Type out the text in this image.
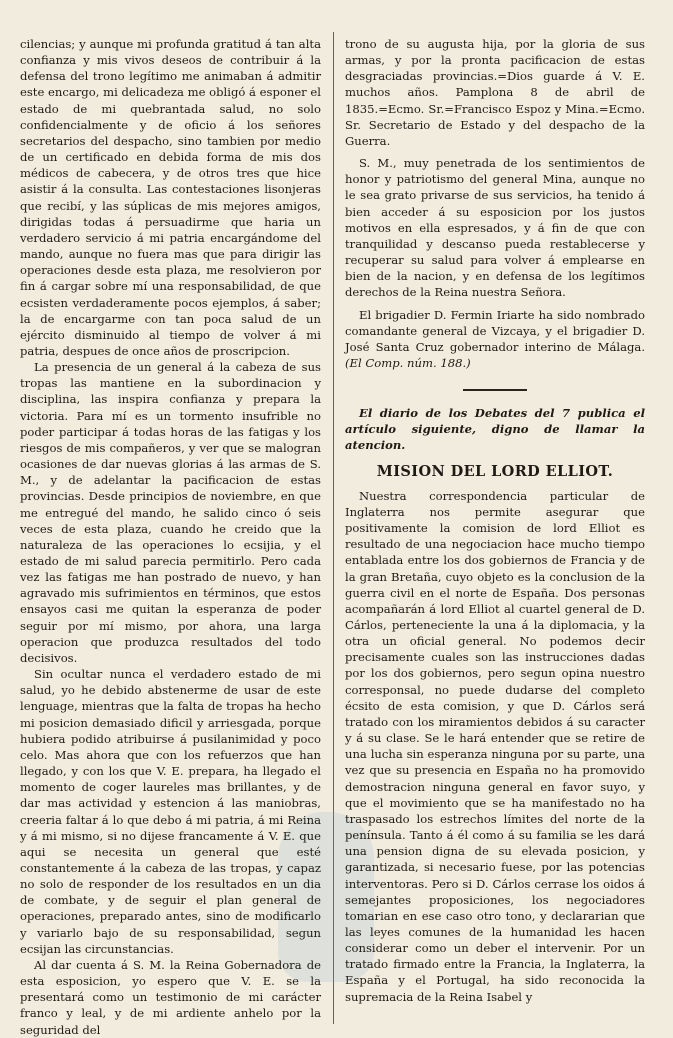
cilencias; y aunque mi profunda gratitud á tan alta confianza y mis vivos deseos de contribuir á la defensa del trono legítimo me animaban á admitir este encargo, mi delicadeza me obligó á esponer el estado de mi quebrantada salud, no solo confidencialmente y de oficio á los señores secretarios del despacho, sino tambien por medio de un certificado en debida forma de mis dos médicos de cabecera, y de otros tres que hice asistir á la consulta. Las contestaciones lisonjeras que recibí, y las súplicas de mis mejores amigos, dirigidas todas á persuadirme que haria un verdadero servicio á mi patria encargándome del mando, aunque no fuera mas que para dirigir las operaciones desde esta plaza, me resolvieron por fin á cargar sobre mí una responsabilidad, de que ecsisten verdaderamente pocos ejemplos, á saber; la de encargarme con tan poca salud de un ejército disminuido al tiempo de volver á mi patria, despues de once años de proscripcion.

La presencia de un general á la cabeza de sus tropas las mantiene en la subordinacion y disciplina, las inspira confianza y prepara la victoria. Para mí es un tormento insufrible no poder participar á todas horas de las fatigas y los riesgos de mis compañeros, y ver que se malogran ocasiones de dar nuevas glorias á las armas de S. M., y de adelantar la pacificacion de estas provincias. Desde principios de noviembre, en que me entregué del mando, he salido cinco ó seis veces de esta plaza, cuando he creido que la naturaleza de las operaciones lo ecsijia, y el estado de mi salud parecia permitirlo. Pero cada vez las fatigas me han postrado de nuevo, y han agravado mis sufrimientos en términos, que estos ensayos casi me quitan la esperanza de poder seguir por mí mismo, por ahora, una larga operacion que produzca resultados del todo decisivos.

Sin ocultar nunca el verdadero estado de mi salud, yo he debido abstenerme de usar de este lenguage, mientras que la falta de tropas ha hecho mi posicion demasiado dificil y arriesgada, porque hubiera podido atribuirse á pusilanimidad y poco celo. Mas ahora que con los refuerzos que han llegado, y con los que V. E. prepara, ha llegado el momento de coger laureles mas brillantes, y de dar mas actividad y estencion á las maniobras, creeria faltar á lo que debo á mi patria, á mi Reina y á mi mismo, si no dijese francamente á V. E. que aqui se necesita un general que esté constantemente á la cabeza de las tropas, y capaz no solo de responder de los resultados en un dia de combate, y de seguir el plan general de operaciones, preparado antes, sino de modificarlo y variarlo bajo de su responsabilidad, segun ecsijan las circunstancias.

Al dar cuenta á S. M. la Reina Gobernadora de esta esposicion, yo espero que V. E. se la presentará como un testimonio de mi carácter franco y leal, y de mi ardiente anhelo por la seguridad del

trono de su augusta hija, por la gloria de sus armas, y por la pronta pacificacion de estas desgraciadas provincias.=Dios guarde á V. E. muchos años. Pamplona 8 de abril de 1835.=Ecmo. Sr.=Francisco Espoz y Mina.=Ecmo. Sr. Secretario de Estado y del despacho de la Guerra.

S. M., muy penetrada de los sentimientos de honor y patriotismo del general Mina, aunque no le sea grato privarse de sus servicios, ha tenido á bien acceder á su esposicion por los justos motivos en ella espresados, y á fin de que con tranquilidad y descanso pueda restablecerse y recuperar su salud para volver á emplearse en bien de la nacion, y en defensa de los legítimos derechos de la Reina nuestra Señora.

El brigadier D. Fermin Iriarte ha sido nombrado comandante general de Vizcaya, y el brigadier D. José Santa Cruz gobernador interino de Málaga. (El Comp. núm. 188.)

El diario de los Debates del 7 publica el artículo siguiente, digno de llamar la atencion.

MISION DEL LORD ELLIOT.

Nuestra correspondencia particular de Inglaterra nos permite asegurar que positivamente la comision de lord Elliot es resultado de una negociacion hace mucho tiempo entablada entre los dos gobiernos de Francia y de la gran Bretaña, cuyo objeto es la conclusion de la guerra civil en el norte de España. Dos personas acompañarán á lord Elliot al cuartel general de D. Cárlos, perteneciente la una á la diplomacia, y la otra un oficial general. No podemos decir precisamente cuales son las instrucciones dadas por los dos gobiernos, pero segun opina nuestro corresponsal, no puede dudarse del completo écsito de esta comision, y que D. Cárlos será tratado con los miramientos debidos á su caracter y á su clase. Se le hará entender que se retire de una lucha sin esperanza ninguna por su parte, una vez que su presencia en España no ha promovido demostracion ninguna general en favor suyo, y que el movimiento que se ha manifestado no ha traspasado los estrechos límites del norte de la península. Tanto á él como á su familia se les dará una pension digna de su elevada posicion, y garantizada, si necesario fuese, por las potencias interventoras. Pero si D. Cárlos cerrase los oidos á semejantes proposiciones, los negociadores tomarian en ese caso otro tono, y declararian que las leyes comunes de la humanidad les hacen considerar como un deber el intervenir. Por un tratado firmado entre la Francia, la Inglaterra, la España y el Portugal, ha sido reconocida la supremacia de la Reina Isabel y
